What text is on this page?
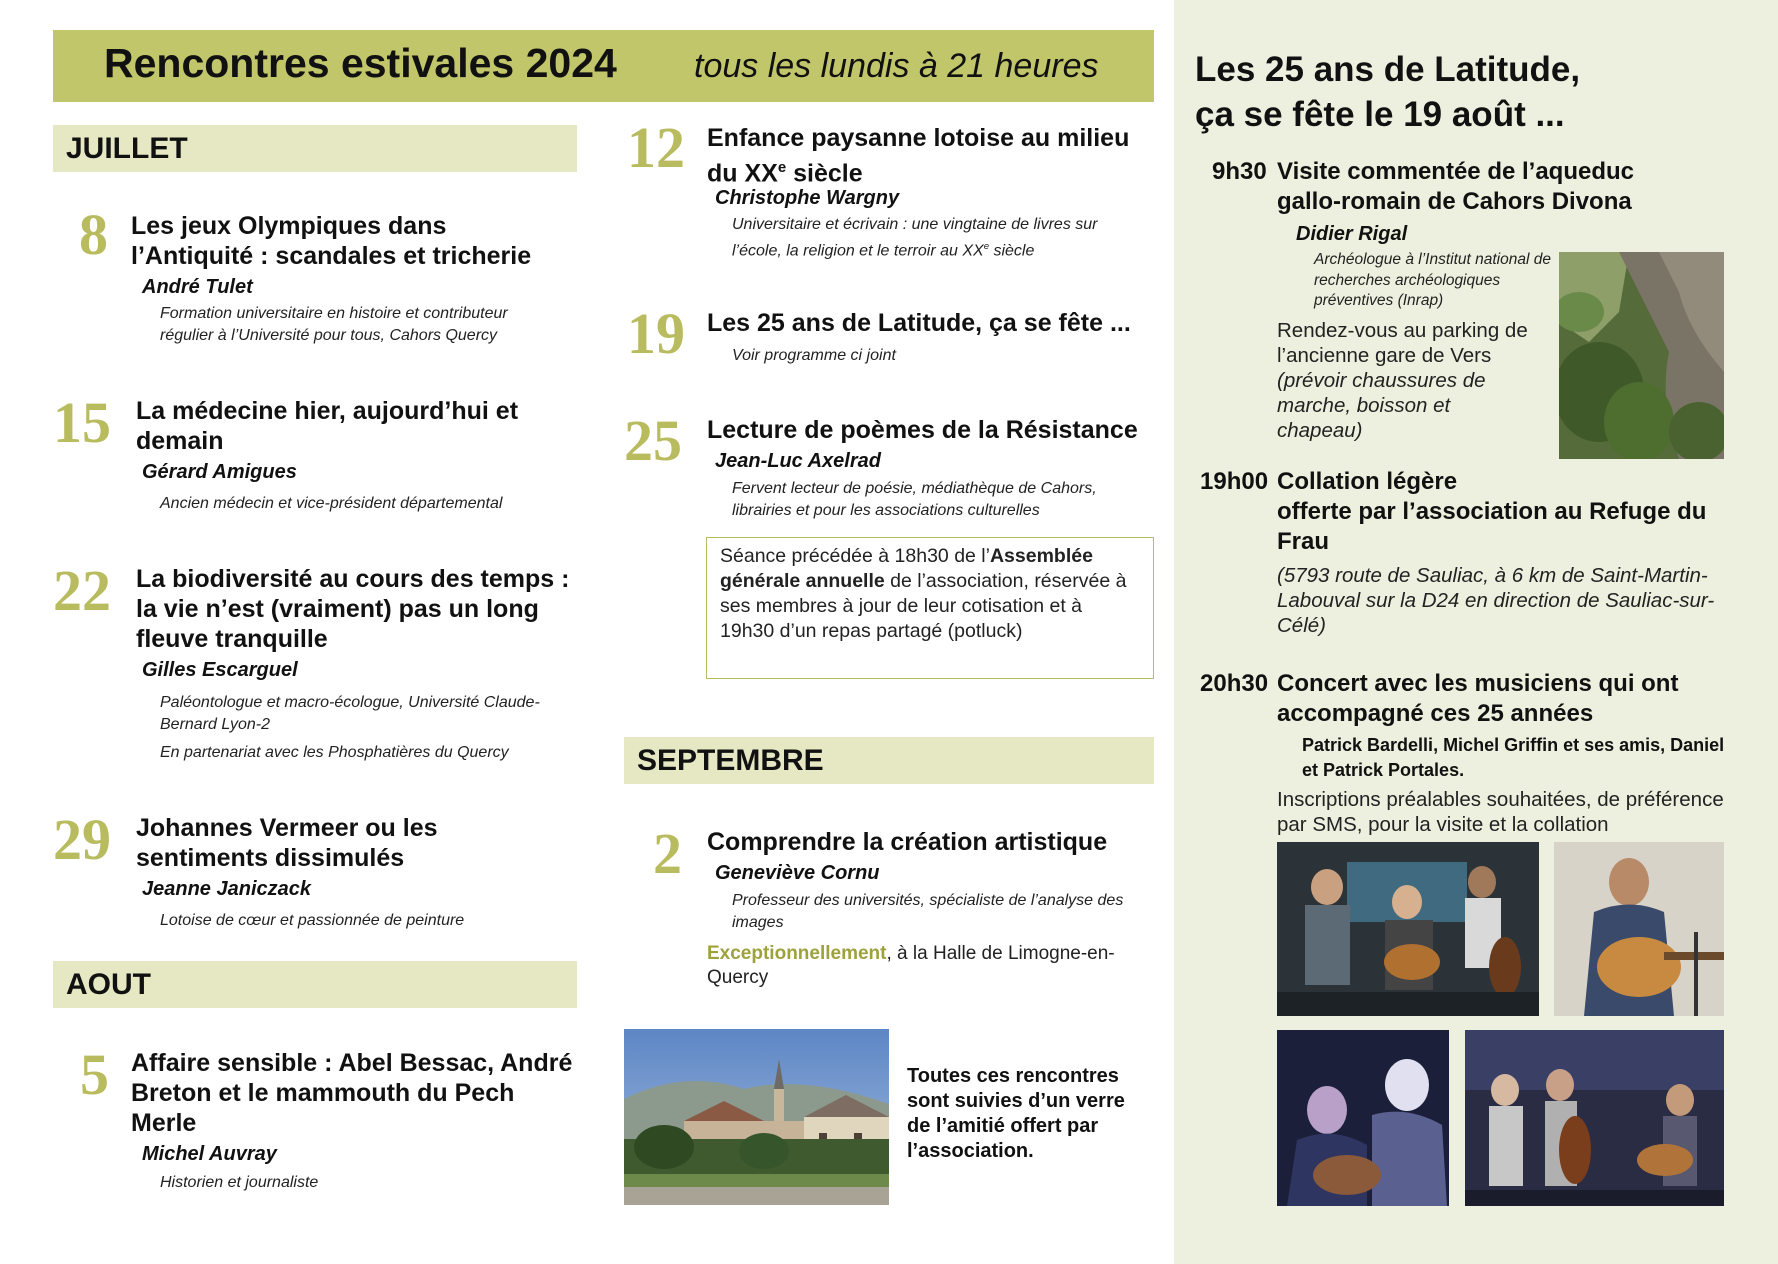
Rencontres estivales 2024 tous les lundis à 21 heures
JUILLET
8 Les jeux Olympiques dans l’Antiquité : scandales et tricherie
André Tulet
Formation universitaire en histoire et contributeur régulier à l’Université pour tous, Cahors Quercy
15 La médecine hier, aujourd’hui et demain
Gérard Amigues
Ancien médecin et vice-président départemental
22 La biodiversité au cours des temps : la vie n’est (vraiment) pas un long fleuve tranquille
Gilles Escarguel
Paléontologue et macro-écologue, Université Claude-Bernard Lyon-2
En partenariat avec les Phosphatières du Quercy
29 Johannes Vermeer ou les sentiments dissimulés
Jeanne Janiczack
Lotoise de cœur et passionnée de peinture
AOUT
5 Affaire sensible : Abel Bessac, André Breton et le mammouth du Pech Merle
Michel Auvray
Historien et journaliste
12 Enfance paysanne lotoise au milieu du XXe siècle
Christophe Wargny
Universitaire et écrivain : une vingtaine de livres sur l’école, la religion et le terroir au XXe siècle
19 Les 25 ans de Latitude, ça se fête ...
Voir programme ci joint
25 Lecture de poèmes de la Résistance
Jean-Luc Axelrad
Fervent lecteur de poésie, médiathèque de Cahors, librairies et pour les associations culturelles
Séance précédée à 18h30 de l’Assemblée générale annuelle de l’association, réservée à ses membres à jour de leur cotisation et à 19h30 d’un repas partagé (potluck)
SEPTEMBRE
2 Comprendre la création artistique
Geneviève Cornu
Professeur des universités, spécialiste de l’analyse des images
Exceptionnellement, à la Halle de Limogne-en-Quercy
Toutes ces rencontres sont suivies d’un verre de l’amitié offert par l’association.
Les 25 ans de Latitude,
ça se fête le 19 août ...
9h30 Visite commentée de l’aqueduc
gallo-romain de Cahors Divona
Didier Rigal
Archéologue à l’Institut national de recherches archéologiques préventives (Inrap)
Rendez-vous au parking de l’ancienne gare de Vers (prévoir chaussures de marche, boisson et chapeau)
19h00 Collation légère
offerte par l’association au Refuge du Frau
(5793 route de Sauliac, à 6 km de Saint-Martin-Labouval sur la D24 en direction de Sauliac-sur-Célé)
20h30 Concert avec les musiciens qui ont
accompagné ces 25 années
Patrick Bardelli, Michel Griffin et ses amis, Daniel et Patrick Portales.
Inscriptions préalables souhaitées, de préférence par SMS, pour la visite et la collation
